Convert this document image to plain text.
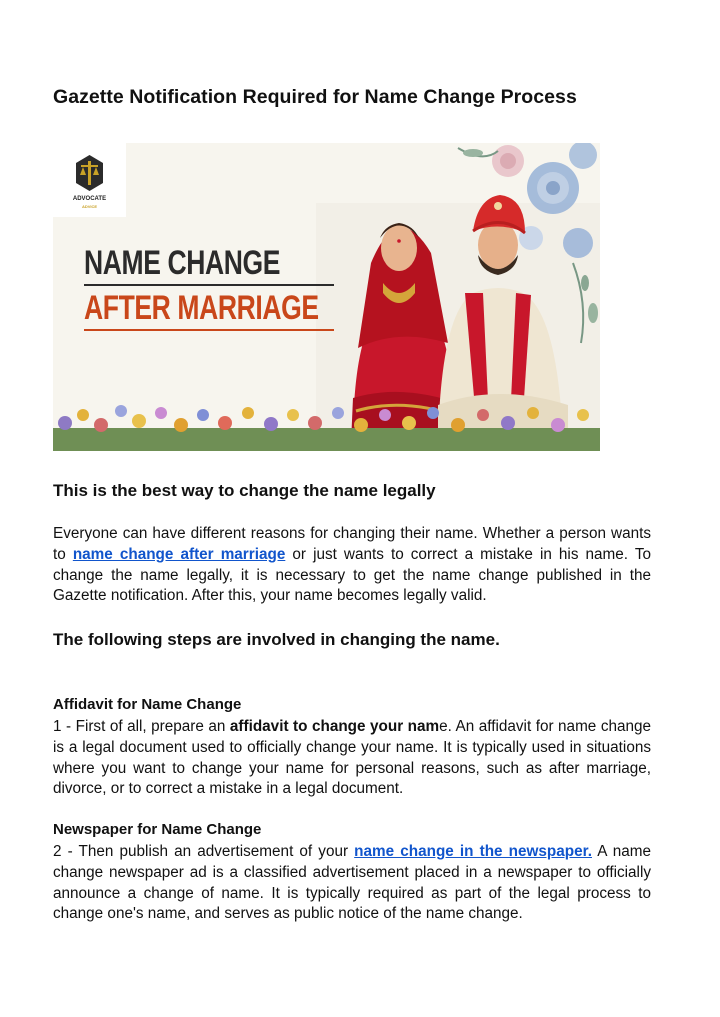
Gazette Notification Required for Name Change Process
ADVOCATE
ADVICE
NAME CHANGE
AFTER MARRIAGE
This is the best way to change the name legally

Everyone can have different reasons for changing their name. Whether a person wants to name change after marriage or just wants to correct a mistake in his name. To change the name legally, it is necessary to get the name change published in the Gazette notification. After this, your name becomes legally valid.

The following steps are involved in changing the name.
Affidavit for Name Change

1 - First of all, prepare an affidavit to change your name. An affidavit for name change is a legal document used to officially change your name. It is typically used in situations where you want to change your name for personal reasons, such as after marriage, divorce, or to correct a mistake in a legal document.

Newspaper for Name Change

2 - Then publish an advertisement of your name change in the newspaper. A name change newspaper ad is a classified advertisement placed in a newspaper to officially announce a change of name. It is typically required as part of the legal process to change one's name, and serves as public notice of the name change.
